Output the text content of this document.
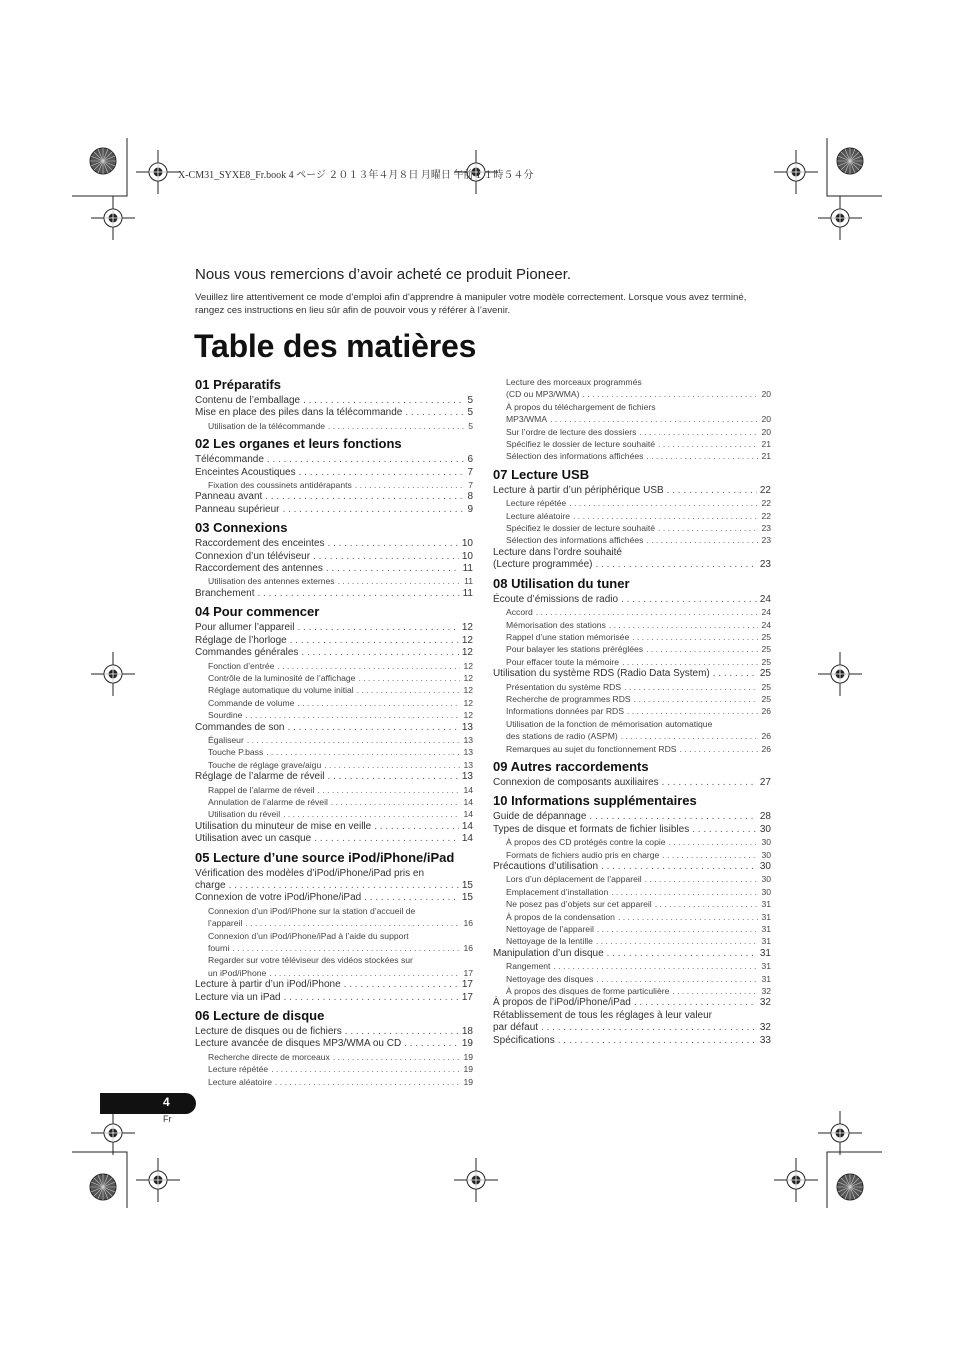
X-CM31_SYXE8_Fr.book 4 ページ ２０１３年４月８日 月曜日 午前１１時５４分
Nous vous remercions d’avoir acheté ce produit Pioneer.
Veuillez lire attentivement ce mode d’emploi afin d’apprendre à manipuler votre modèle correctement. Lorsque vous avez terminé, rangez ces instructions en lieu sûr afin de pouvoir vous y référer à l’avenir.
Table des matières
01 Préparatifs
Contenu de l’emballage . . .	5
Mise en place des piles dans la télécommande . . .	5
Utilisation de la télécommande . . .	5
02 Les organes et leurs fonctions
Télécommande . . .	6
Enceintes Acoustiques . . .	7
Fixation des coussinets antidérapants . . .	7
Panneau avant . . .	8
Panneau supérieur . . .	9
03 Connexions
Raccordement des enceintes . . .	10
Connexion d’un téléviseur . . .	10
Raccordement des antennes . . .	11
Utilisation des antennes externes . . .	11
Branchement . . .	11
04 Pour commencer
Pour allumer l’appareil . . .	12
Réglage de l’horloge . . .	12
Commandes générales . . .	12
Fonction d’entrée . . .	12
Contrôle de la luminosité de l’affichage . . .	12
Réglage automatique du volume initial . . .	12
Commande de volume . . .	12
Sourdine . . .	12
Commandes de son . . .	13
Égaliseur . . .	13
Touche P.bass . . .	13
Touche de réglage grave/aigu . . .	13
Réglage de l’alarme de réveil . . .	13
Rappel de l’alarme de réveil . . .	14
Annulation de l’alarme de réveil . . .	14
Utilisation du réveil . . .	14
Utilisation du minuteur de mise en veille . . .	14
Utilisation avec un casque . . .	14
05 Lecture d’une source iPod/iPhone/iPad
Vérification des modèles d’iPod/iPhone/iPad pris en
charge . . .	15
Connexion de votre iPod/iPhone/iPad . . .	15
Connexion d’un iPod/iPhone sur la station d’accueil de
l’appareil . . .	16
Connexion d’un iPod/iPhone/iPad à l’aide du support
fourni . . .	16
Regarder sur votre téléviseur des vidéos stockées sur
un iPod/iPhone . . .	17
Lecture à partir d’un iPod/iPhone . . .	17
Lecture via un iPad . . .	17
06 Lecture de disque
Lecture de disques ou de fichiers . . .	18
Lecture avancée de disques MP3/WMA ou CD . . .	19
Recherche directe de morceaux . . .	19
Lecture répétée . . .	19
Lecture aléatoire . . .	19
Lecture des morceaux programmés
(CD ou MP3/WMA) . . .	20
À propos du téléchargement de fichiers
MP3/WMA . . .	20
Sur l’ordre de lecture des dossiers . . .	20
Spécifiez le dossier de lecture souhaité . . .	21
Sélection des informations affichées . . .	21
07 Lecture USB
Lecture à partir d’un périphérique USB . . .	22
Lecture répétée . . .	22
Lecture aléatoire . . .	22
Spécifiez le dossier de lecture souhaité . . .	23
Sélection des informations affichées . . .	23
Lecture dans l’ordre souhaité
(Lecture programmée) . . .	23
08 Utilisation du tuner
Écoute d’émissions de radio . . .	24
Accord . . .	24
Mémorisation des stations . . .	24
Rappel d’une station mémorisée . . .	25
Pour balayer les stations préréglées . . .	25
Pour effacer toute la mémoire . . .	25
Utilisation du système RDS (Radio Data System) . . .	25
Présentation du système RDS . . .	25
Recherche de programmes RDS . . .	25
Informations données par RDS . . .	26
Utilisation de la fonction de mémorisation automatique
des stations de radio (ASPM) . . .	26
Remarques au sujet du fonctionnement RDS . . .	26
09 Autres raccordements
Connexion de composants auxiliaires . . .	27
10 Informations supplémentaires
Guide de dépannage . . .	28
Types de disque et formats de fichier lisibles . . .	30
À propos des CD protégés contre la copie . . .	30
Formats de fichiers audio pris en charge . . .	30
Précautions d’utilisation . . .	30
Lors d’un déplacement de l’appareil . . .	30
Emplacement d’installation . . .	30
Ne posez pas d’objets sur cet appareil . . .	31
À propos de la condensation . . .	31
Nettoyage de l’appareil . . .	31
Nettoyage de la lentille . . .	31
Manipulation d’un disque . . .	31
Rangement . . .	31
Nettoyage des disques . . .	31
À propos des disques de forme particulière . . .	32
À propos de l’iPod/iPhone/iPad . . .	32
Rétablissement de tous les réglages à leur valeur
par défaut . . .	32
Spécifications . . .	33
4
Fr
